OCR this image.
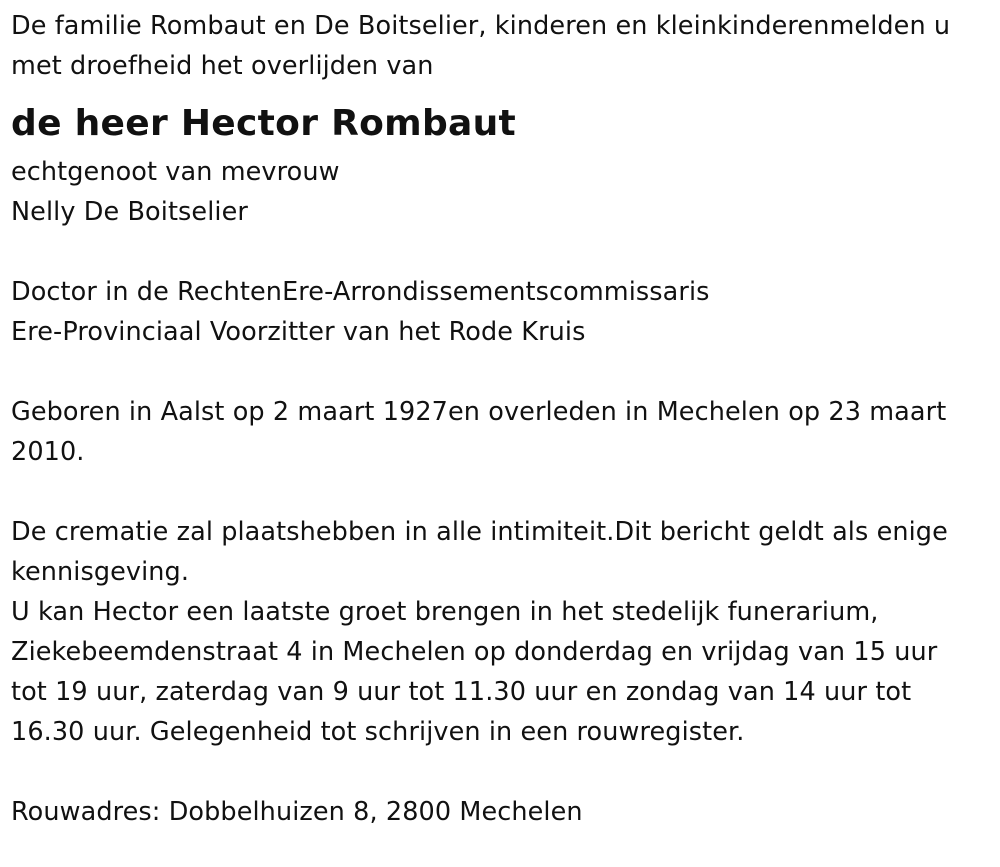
De familie Rombaut en De Boitselier, kinderen en kleinkinderenmelden u
met droefheid het overlijden van
de heer Hector Rombaut
echtgenoot van mevrouw
Nelly De Boitselier
Doctor in de RechtenEre-Arrondissementscommissaris
Ere-Provinciaal Voorzitter van het Rode Kruis
Geboren in Aalst op 2 maart 1927en overleden in Mechelen op 23 maart
2010.
De crematie zal plaatshebben in alle intimiteit.Dit bericht geldt als enige
kennisgeving.
U kan Hector een laatste groet brengen in het stedelijk funerarium,
Ziekebeemdenstraat 4 in Mechelen op donderdag en vrijdag van 15 uur
tot 19 uur, zaterdag van 9 uur tot 11.30 uur en zondag van 14 uur tot
16.30 uur. Gelegenheid tot schrijven in een rouwregister.
Rouwadres: Dobbelhuizen 8, 2800 Mechelen
